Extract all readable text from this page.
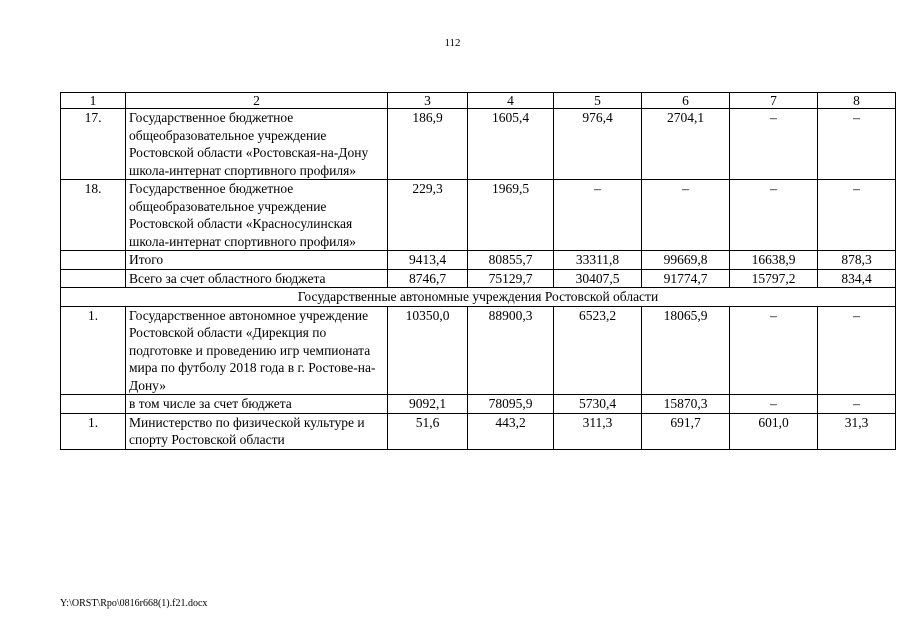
112
1	2	3	4	5	6	7	8
17.	Государственное бюджетное общеобразовательное учреждение Ростовской области «Ростовская-на-Дону школа-интернат спортивного профиля»	186,9	1605,4	976,4	2704,1	–	–
18.	Государственное бюджетное общеобразовательное учреждение Ростовской области «Красносулинская школа-интернат спортивного профиля»	229,3	1969,5	–	–	–	–
	Итого	9413,4	80855,7	33311,8	99669,8	16638,9	878,3
	Всего за счет областного бюджета	8746,7	75129,7	30407,5	91774,7	15797,2	834,4
Государственные автономные учреждения Ростовской области							
1.	Государственное автономное учреждение Ростовской области «Дирекция по подготовке и проведению игр чемпионата мира по футболу 2018 года в г. Ростове-на-Дону»	10350,0	88900,3	6523,2	18065,9	–	–
	в том числе за счет бюджета	9092,1	78095,9	5730,4	15870,3	–	–
1.	Министерство по физической культуре и спорту Ростовской области	51,6	443,2	311,3	691,7	601,0	31,3
Y:\ORST\Rpo\0816r668(1).f21.docx
